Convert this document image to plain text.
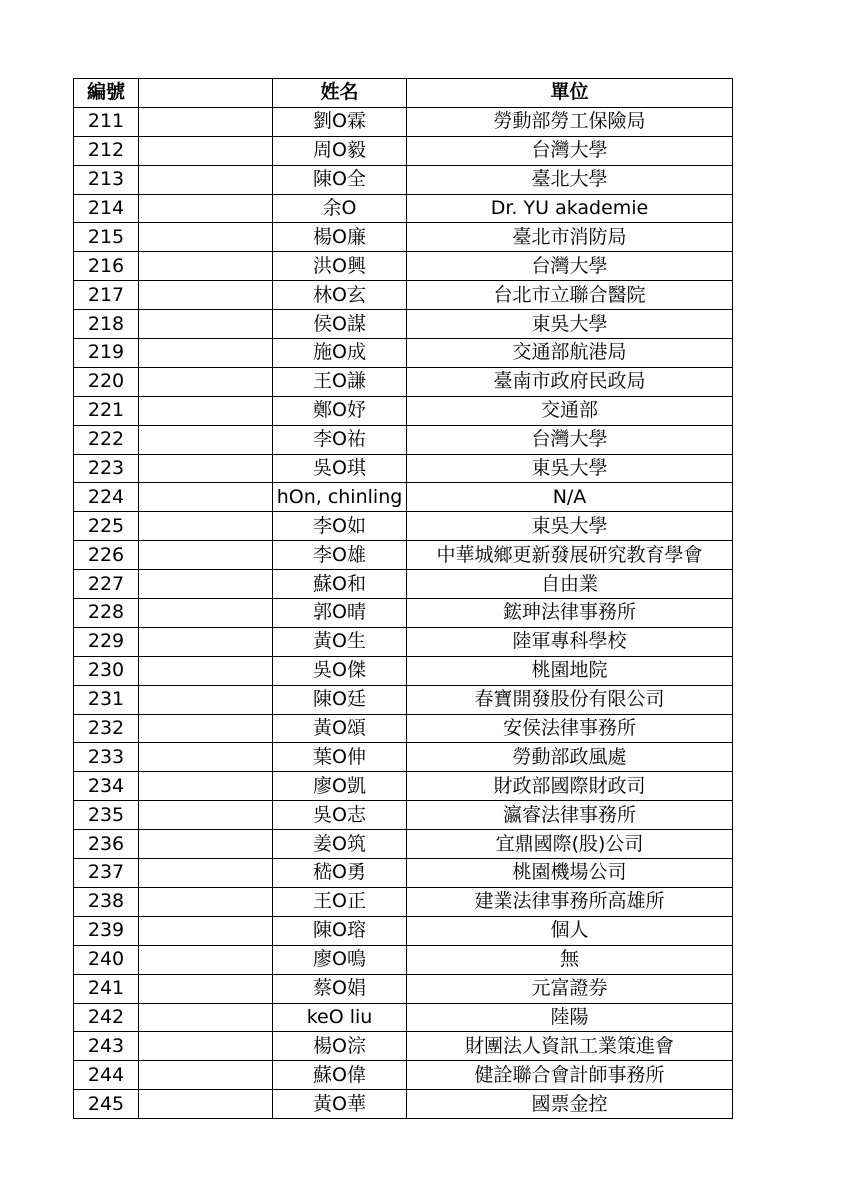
編號		姓名	單位
211		劉O霖	勞動部勞工保險局
212		周O毅	台灣大學
213		陳O全	臺北大學
214		余O	Dr. YU akademie
215		楊O廉	臺北市消防局
216		洪O興	台灣大學
217		林O玄	台北市立聯合醫院
218		侯O謀	東吳大學
219		施O成	交通部航港局
220		王O謙	臺南市政府民政局
221		鄭O妤	交通部
222		李O祐	台灣大學
223		吳O琪	東吳大學
224		hOn, chinling	N/A
225		李O如	東吳大學
226		李O雄	中華城鄉更新發展研究教育學會
227		蘇O和	自由業
228		郭O晴	鋐珅法律事務所
229		黃O生	陸軍專科學校
230		吳O傑	桃園地院
231		陳O廷	春寶開發股份有限公司
232		黃O頌	安侯法律事務所
233		葉O伸	勞動部政風處
234		廖O凱	財政部國際財政司
235		吳O志	瀛睿法律事務所
236		姜O筑	宜鼎國際(股)公司
237		嵇O勇	桃園機場公司
238		王O正	建業法律事務所高雄所
239		陳O瑢	個人
240		廖O鳴	無
241		蔡O娟	元富證券
242		keO liu	陸陽
243		楊O淙	財團法人資訊工業策進會
244		蘇O偉	健詮聯合會計師事務所
245		黃O華	國票金控
